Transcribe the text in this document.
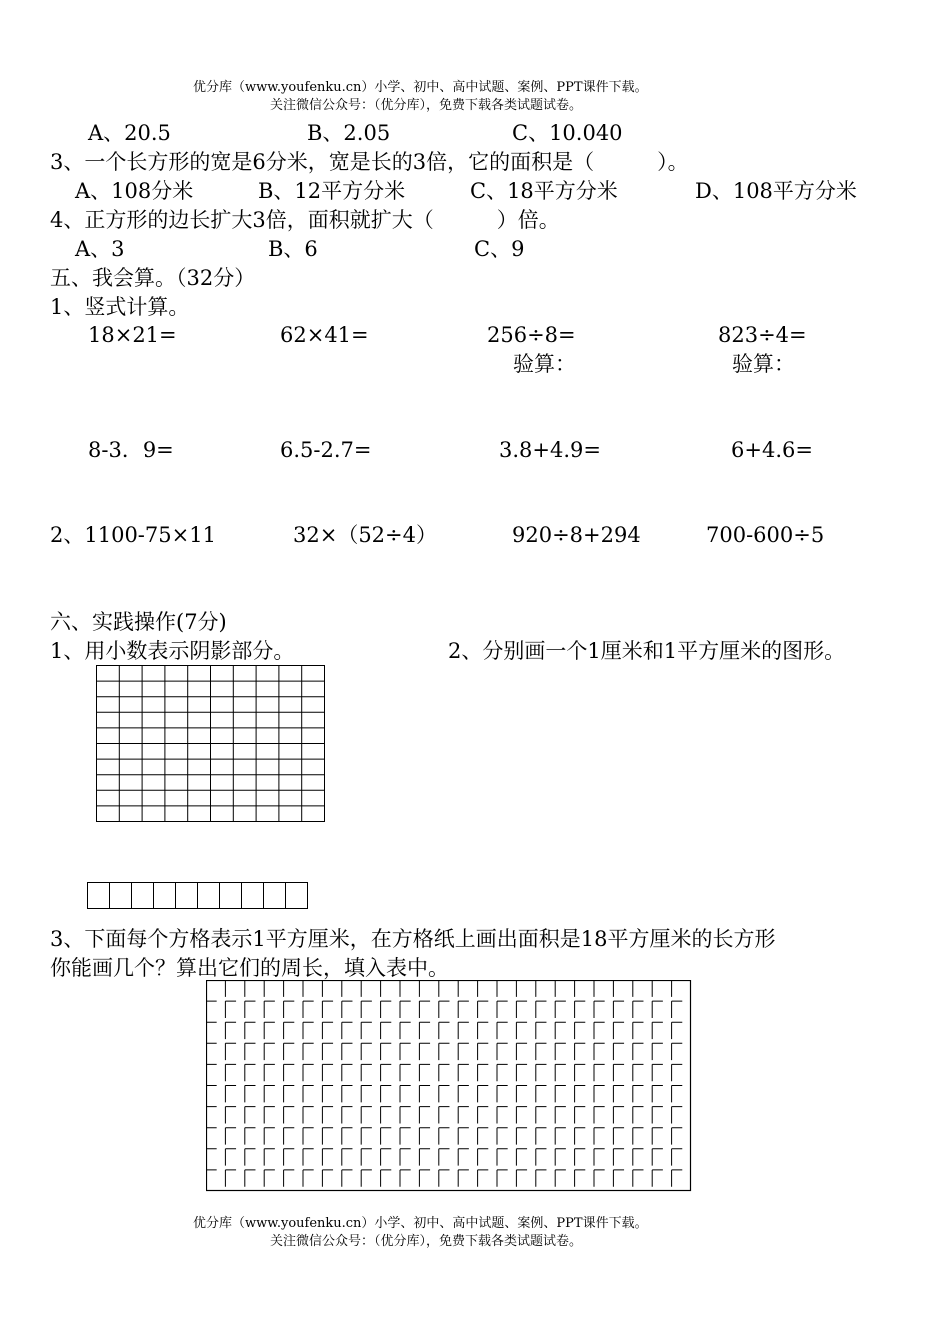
优分库（www.youfenku.cn）小学、初中、高中试题、案例、PPT课件下载。
关注微信公众号：（优分库），免费下载各类试题试卷。
A、20.5	B、2.05	C、10.040
3、一个长方形的宽是6分米，宽是长的3倍，它的面积是（　　　）。
A、108分米	B、12平方分米	C、18平方分米	D、108平方分米
4、正方形的边长扩大3倍，面积就扩大（　　　）倍。
A、3	B、6	C、9
五、我会算。（32分）
1、竖式计算。
18×21=	62×41=	256÷8=	823÷4=
验算：	验算：
8-3．9=	6.5-2.7=	3.8+4.9=	6+4.6=
2、1100-75×11	32×（52÷4）	920÷8+294	700-600÷5
六、实践操作(7分)
1、用小数表示阴影部分。	2、分别画一个1厘米和1平方厘米的图形。
3、下面每个方格表示1平方厘米，在方格纸上画出面积是18平方厘米的长方形
你能画几个？算出它们的周长，填入表中。
优分库（www.youfenku.cn）小学、初中、高中试题、案例、PPT课件下载。
关注微信公众号：（优分库），免费下载各类试题试卷。
